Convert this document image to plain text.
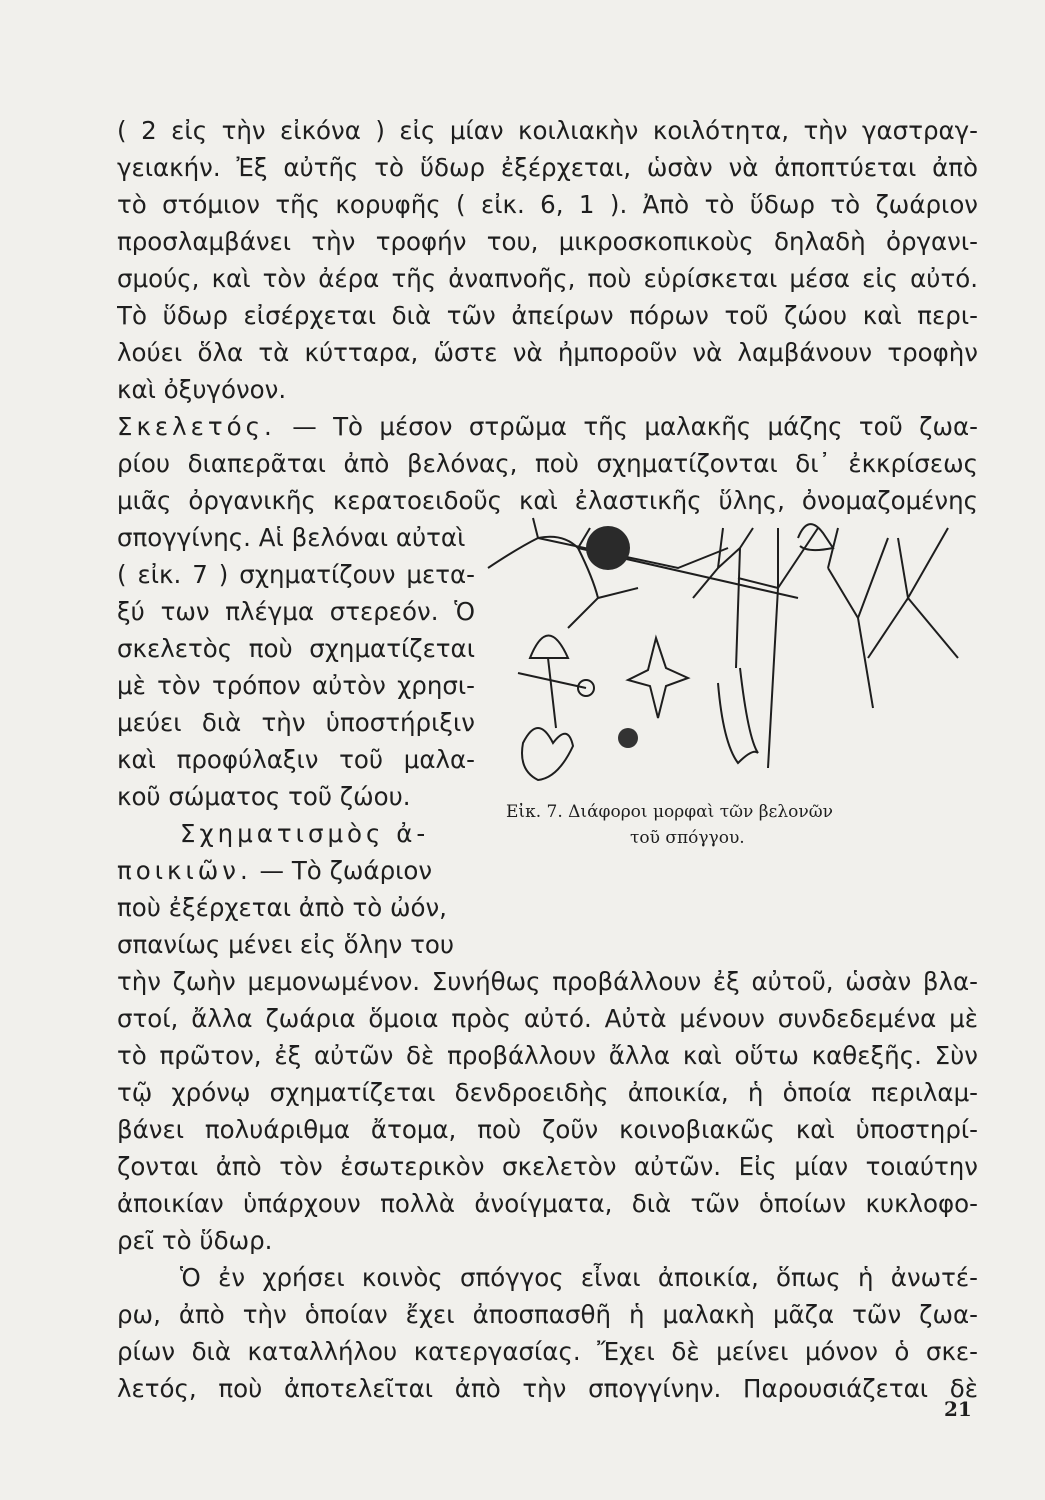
( 2 εἰς τὴν εἰκόνα ) εἰς μίαν κοιλιακὴν κοιλότητα, τὴν γαστραγ-
γειακήν. Ἐξ αὐτῆς τὸ ὕδωρ ἐξέρχεται, ὡσὰν νὰ ἀποπτύεται ἀπὸ
τὸ στόμιον τῆς κορυφῆς ( εἰκ. 6, 1 ). Ἀπὸ τὸ ὕδωρ τὸ ζωάριον
προσλαμβάνει τὴν τροφήν του, μικροσκοπικοὺς δηλαδὴ ὀργανι-
σμούς, καὶ τὸν ἀέρα τῆς ἀναπνοῆς, ποὺ εὑρίσκεται μέσα εἰς αὐτό.
Τὸ ὕδωρ εἰσέρχεται διὰ τῶν ἀπείρων πόρων τοῦ ζώου καὶ περι-
λούει ὅλα τὰ κύτταρα, ὥστε νὰ ἠμποροῦν νὰ λαμβάνουν τροφὴν
καὶ ὀξυγόνον.
Σκελετός. — Τὸ μέσον στρῶμα τῆς μαλακῆς μάζης τοῦ ζωα-
ρίου διαπερᾶται ἀπὸ βελόνας, ποὺ σχηματίζονται δι᾿ ἐκκρίσεως
μιᾶς ὀργανικῆς κερατοειδοῦς καὶ ἐλαστικῆς ὕλης, ὀνομαζομένης
σπογγίνης. Αἱ βελόναι αὐταὶ
( εἰκ. 7 ) σχηματίζουν μετα-
ξύ των πλέγμα στερεόν. Ὁ
σκελετὸς ποὺ σχηματίζεται
μὲ τὸν τρόπον αὐτὸν χρησι-
μεύει διὰ τὴν ὑποστήριξιν
καὶ προφύλαξιν τοῦ μαλα-
κοῦ σώματος τοῦ ζώου.
Σχηματισμὸς ἀ-
ποικιῶν. — Τὸ ζωάριον
ποὺ ἐξέρχεται ἀπὸ τὸ ὠόν,
σπανίως μένει εἰς ὅλην του
τὴν ζωὴν μεμονωμένον. Συνήθως προβάλλουν ἐξ αὐτοῦ, ὡσὰν βλα-
στοί, ἄλλα ζωάρια ὅμοια πρὸς αὐτό. Αὐτὰ μένουν συνδεδεμένα μὲ
τὸ πρῶτον, ἐξ αὐτῶν δὲ προβάλλουν ἄλλα καὶ οὕτω καθεξῆς. Σὺν
τῷ χρόνῳ σχηματίζεται δενδροειδὴς ἀποικία, ἡ ὁποία περιλαμ-
βάνει πολυάριθμα ἄτομα, ποὺ ζοῦν κοινοβιακῶς καὶ ὑποστηρί-
ζονται ἀπὸ τὸν ἐσωτερικὸν σκελετὸν αὐτῶν. Εἰς μίαν τοιαύτην
ἀποικίαν ὑπάρχουν πολλὰ ἀνοίγματα, διὰ τῶν ὁποίων κυκλοφο-
ρεῖ τὸ ὕδωρ.
Ὁ ἐν χρήσει κοινὸς σπόγγος εἶναι ἀποικία, ὅπως ἡ ἀνωτέ-
ρω, ἀπὸ τὴν ὁποίαν ἔχει ἀποσπασθῆ ἡ μαλακὴ μᾶζα τῶν ζωα-
ρίων διὰ καταλλήλου κατεργασίας. Ἔχει δὲ μείνει μόνον ὁ σκε-
λετός, ποὺ ἀποτελεῖται ἀπὸ τὴν σπογγίνην. Παρουσιάζεται δὲ
Εἰκ. 7. Διάφοροι μορφαὶ τῶν βελονῶν
τοῦ σπόγγου.
21
